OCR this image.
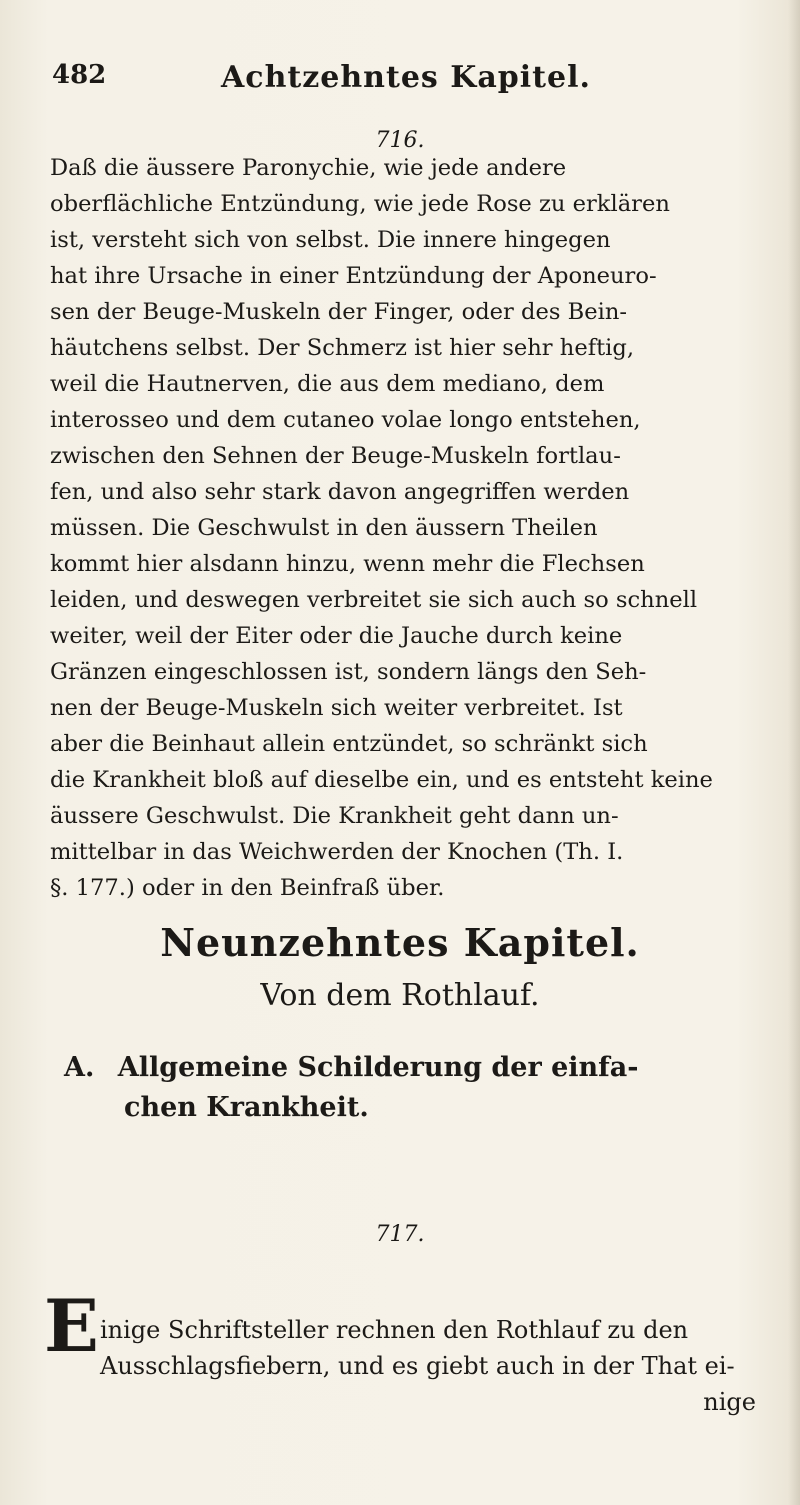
482	Achtzehntes Kapitel.
716.
Daß die äussere Paronychie, wie jede andere
oberflächliche Entzündung, wie jede Rose zu erklären
ist, versteht sich von selbst. Die innere hingegen
hat ihre Ursache in einer Entzündung der Aponeuro-
sen der Beuge-Muskeln der Finger, oder des Bein-
häutchens selbst. Der Schmerz ist hier sehr heftig,
weil die Hautnerven, die aus dem mediano, dem
interosseo und dem cutaneo volae longo entstehen,
zwischen den Sehnen der Beuge-Muskeln fortlau-
fen, und also sehr stark davon angegriffen werden
müssen. Die Geschwulst in den äussern Theilen
kommt hier alsdann hinzu, wenn mehr die Flechsen
leiden, und deswegen verbreitet sie sich auch so schnell
weiter, weil der Eiter oder die Jauche durch keine
Gränzen eingeschlossen ist, sondern längs den Seh-
nen der Beuge-Muskeln sich weiter verbreitet. Ist
aber die Beinhaut allein entzündet, so schränkt sich
die Krankheit bloß auf dieselbe ein, und es entsteht keine
äussere Geschwulst. Die Krankheit geht dann un-
mittelbar in das Weichwerden der Knochen (Th. I.
§. 177.) oder in den Beinfraß über.
Neunzehntes Kapitel.
Von dem Rothlauf.
A. Allgemeine Schilderung der einfa-
chen Krankheit.
717.
E inige Schriftsteller rechnen den Rothlauf zu den
Ausschlagsfiebern, und es giebt auch in der That ei-
nige
